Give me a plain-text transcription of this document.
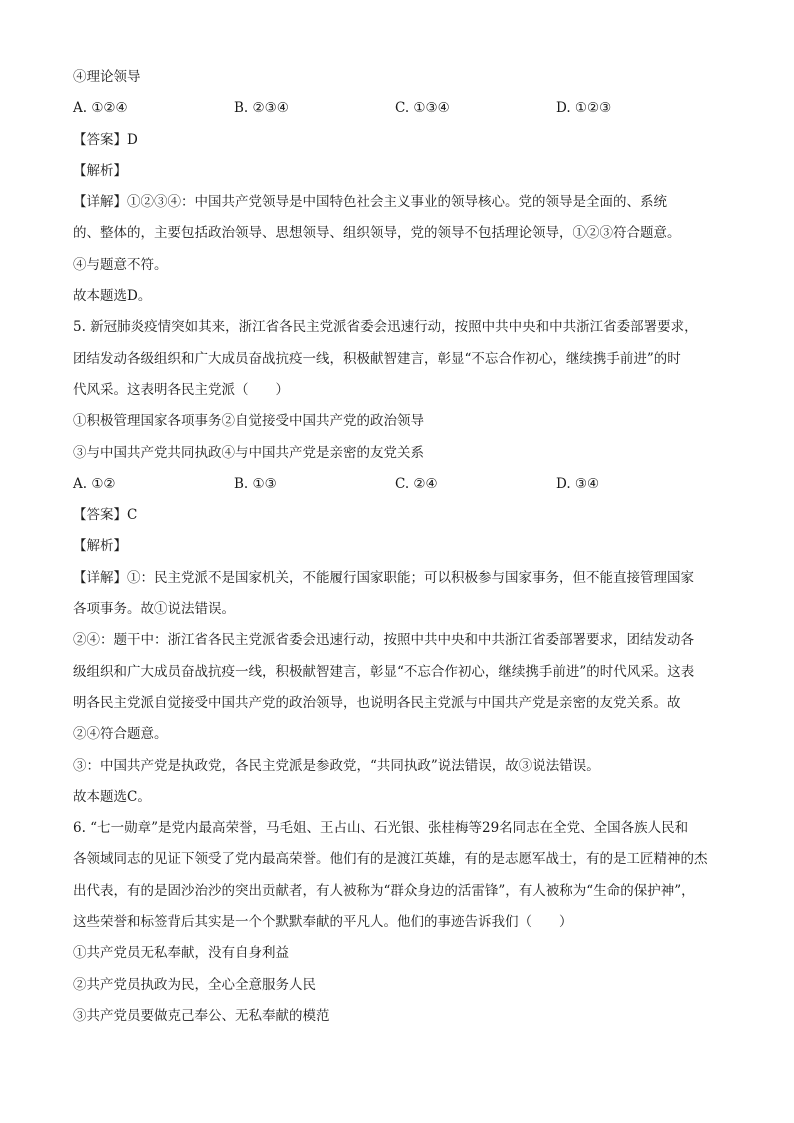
④理论领导
A. ①②④	B. ②③④	C. ①③④	D. ①②③
【答案】D
【解析】
【详解】①②③④：中国共产党领导是中国特色社会主义事业的领导核心。党的领导是全面的、系统
的、整体的，主要包括政治领导、思想领导、组织领导，党的领导不包括理论领导，①②③符合题意。
④与题意不符。
故本题选D。
5. 新冠肺炎疫情突如其来，浙江省各民主党派省委会迅速行动，按照中共中央和中共浙江省委部署要求，
团结发动各级组织和广大成员奋战抗疫一线，积极献智建言，彰显“不忘合作初心，继续携手前进”的时
代风采。这表明各民主党派（　　）
①积极管理国家各项事务②自觉接受中国共产党的政治领导
③与中国共产党共同执政④与中国共产党是亲密的友党关系
A. ①②	B. ①③	C. ②④	D. ③④
【答案】C
【解析】
【详解】①：民主党派不是国家机关，不能履行国家职能；可以积极参与国家事务，但不能直接管理国家
各项事务。故①说法错误。
②④：题干中：浙江省各民主党派省委会迅速行动，按照中共中央和中共浙江省委部署要求，团结发动各
级组织和广大成员奋战抗疫一线，积极献智建言，彰显“不忘合作初心，继续携手前进”的时代风采。这表
明各民主党派自觉接受中国共产党的政治领导，也说明各民主党派与中国共产党是亲密的友党关系。故
②④符合题意。
③：中国共产党是执政党，各民主党派是参政党，“共同执政”说法错误，故③说法错误。
故本题选C。
6. “七一勋章”是党内最高荣誉，马毛姐、王占山、石光银、张桂梅等29名同志在全党、全国各族人民和
各领域同志的见证下领受了党内最高荣誉。他们有的是渡江英雄，有的是志愿军战士，有的是工匠精神的杰
出代表，有的是固沙治沙的突出贡献者，有人被称为“群众身边的活雷锋”，有人被称为“生命的保护神”，
这些荣誉和标签背后其实是一个个默默奉献的平凡人。他们的事迹告诉我们（　　）
①共产党员无私奉献，没有自身利益
②共产党员执政为民，全心全意服务人民
③共产党员要做克己奉公、无私奉献的模范
